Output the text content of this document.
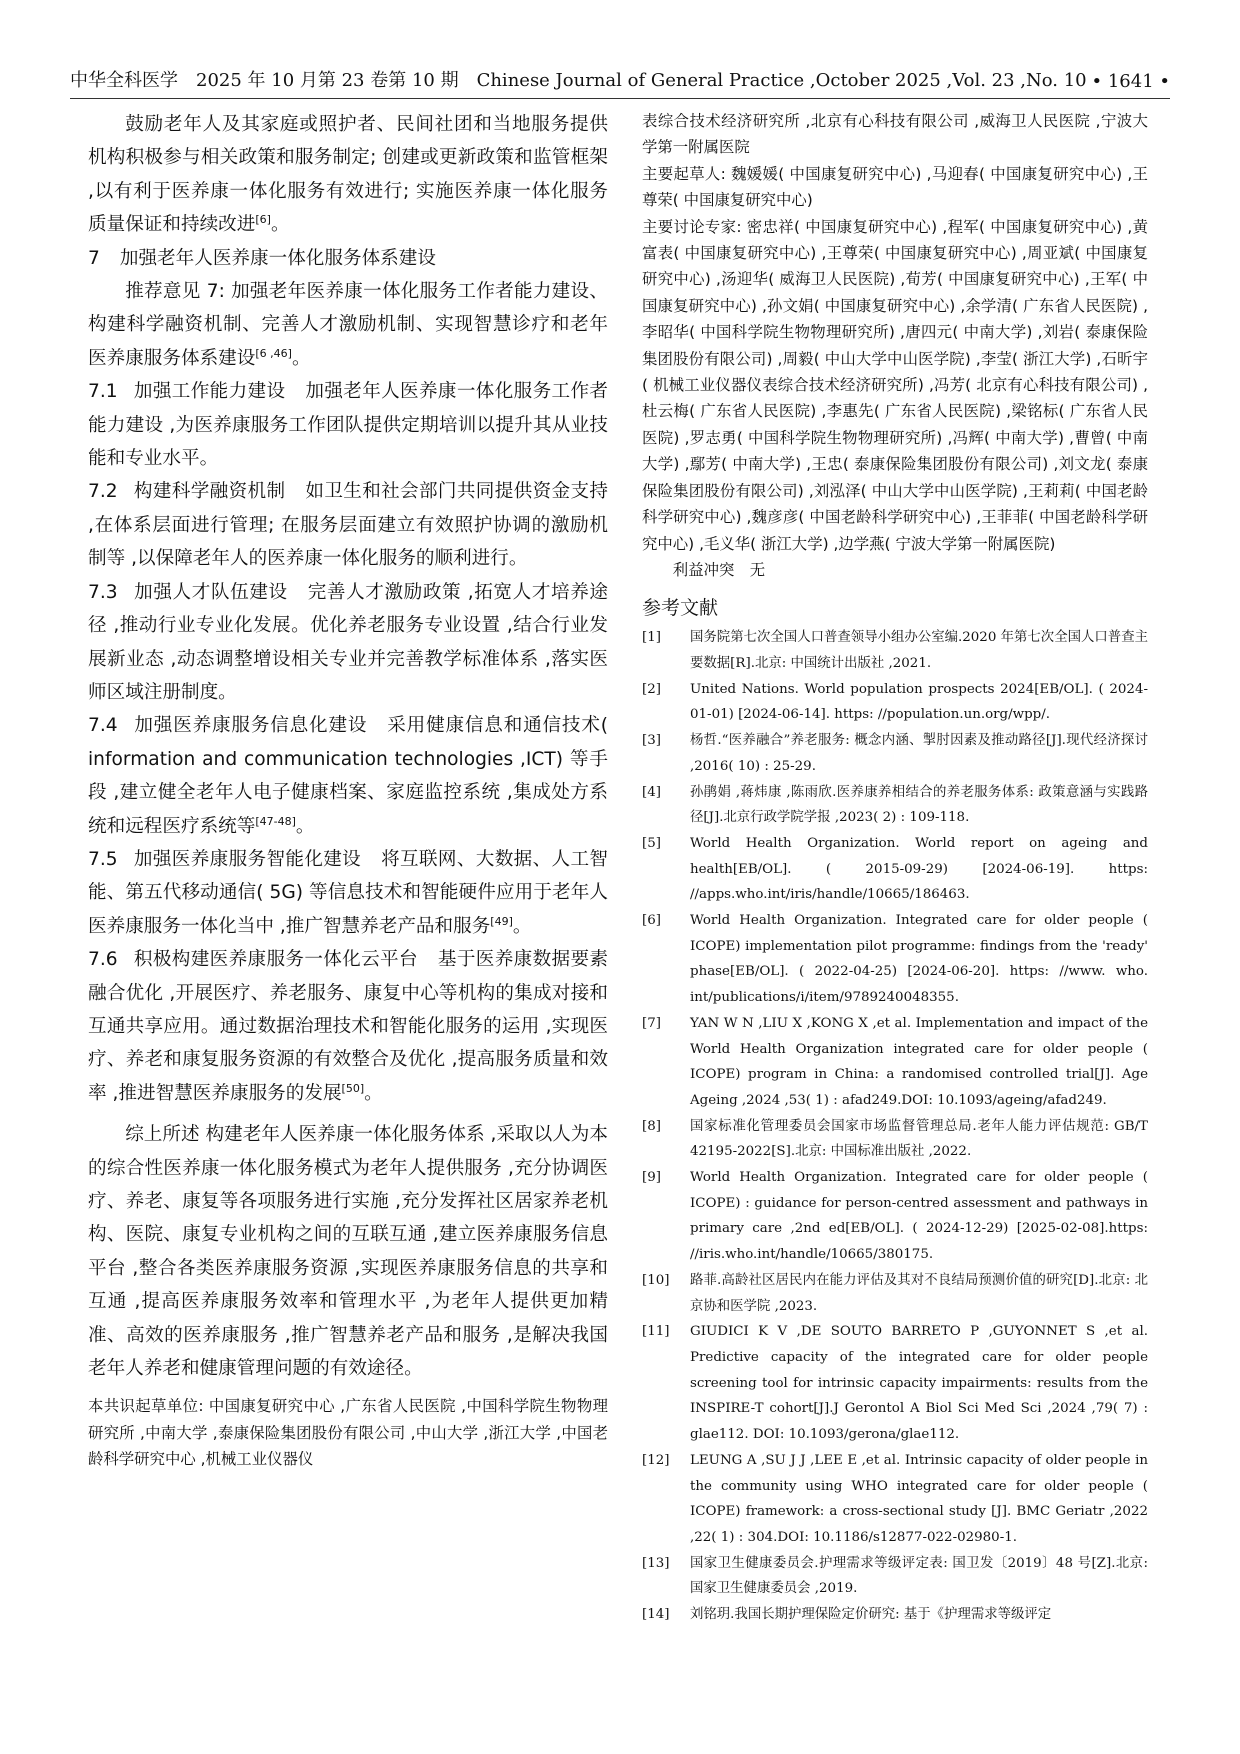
中华全科医学　2025 年 10 月第 23 卷第 10 期　Chinese Journal of General Practice ,October 2025 ,Vol. 23 ,No. 10 • 1641 •

鼓励老年人及其家庭或照护者、民间社团和当地服务提供机构积极参与相关政策和服务制定; 创建或更新政策和监管框架 ,以有利于医养康一体化服务有效进行; 实施医养康一体化服务质量保证和持续改进[6]。

7 加强老年人医养康一体化服务体系建设

推荐意见 7: 加强老年医养康一体化服务工作者能力建设、构建科学融资机制、完善人才激励机制、实现智慧诊疗和老年医养康服务体系建设[6 ,46]。

7.1 加强工作能力建设 加强老年人医养康一体化服务工作者能力建设 ,为医养康服务工作团队提供定期培训以提升其从业技能和专业水平。

7.2 构建科学融资机制 如卫生和社会部门共同提供资金支持 ,在体系层面进行管理; 在服务层面建立有效照护协调的激励机制等 ,以保障老年人的医养康一体化服务的顺利进行。

7.3 加强人才队伍建设 完善人才激励政策 ,拓宽人才培养途径 ,推动行业专业化发展。优化养老服务专业设置 ,结合行业发展新业态 ,动态调整增设相关专业并完善教学标准体系 ,落实医师区域注册制度。

7.4 加强医养康服务信息化建设 采用健康信息和通信技术( information and communication technologies ,ICT) 等手段 ,建立健全老年人电子健康档案、家庭监控系统 ,集成处方系统和远程医疗系统等[47-48]。

7.5 加强医养康服务智能化建设 将互联网、大数据、人工智能、第五代移动通信( 5G) 等信息技术和智能硬件应用于老年人医养康服务一体化当中 ,推广智慧养老产品和服务[49]。

7.6 积极构建医养康服务一体化云平台 基于医养康数据要素融合优化 ,开展医疗、养老服务、康复中心等机构的集成对接和互通共享应用。通过数据治理技术和智能化服务的运用 ,实现医疗、养老和康复服务资源的有效整合及优化 ,提高服务质量和效率 ,推进智慧医养康服务的发展[50]。

综上所述 构建老年人医养康一体化服务体系 ,采取以人为本的综合性医养康一体化服务模式为老年人提供服务 ,充分协调医疗、养老、康复等各项服务进行实施 ,充分发挥社区居家养老机构、医院、康复专业机构之间的互联互通 ,建立医养康服务信息平台 ,整合各类医养康服务资源 ,实现医养康服务信息的共享和互通 ,提高医养康服务效率和管理水平 ,为老年人提供更加精准、高效的医养康服务 ,推广智慧养老产品和服务 ,是解决我国老年人养老和健康管理问题的有效途径。

本共识起草单位: 中国康复研究中心 ,广东省人民医院 ,中国科学院生物物理研究所 ,中南大学 ,泰康保险集团股份有限公司 ,中山大学 ,浙江大学 ,中国老龄科学研究中心 ,机械工业仪器仪

表综合技术经济研究所 ,北京有心科技有限公司 ,威海卫人民医院 ,宁波大学第一附属医院

主要起草人: 魏媛媛( 中国康复研究中心) ,马迎春( 中国康复研究中心) ,王尊荣( 中国康复研究中心)

主要讨论专家: 密忠祥( 中国康复研究中心) ,程军( 中国康复研究中心) ,黄富表( 中国康复研究中心) ,王尊荣( 中国康复研究中心) ,周亚斌( 中国康复研究中心) ,汤迎华( 威海卫人民医院) ,荀芳( 中国康复研究中心) ,王军( 中国康复研究中心) ,孙文娟( 中国康复研究中心) ,余学清( 广东省人民医院) ,李昭华( 中国科学院生物物理研究所) ,唐四元( 中南大学) ,刘岩( 泰康保险集团股份有限公司) ,周毅( 中山大学中山医学院) ,李莹( 浙江大学) ,石昕宇( 机械工业仪器仪表综合技术经济研究所) ,冯芳( 北京有心科技有限公司) ,杜云梅( 广东省人民医院) ,李惠先( 广东省人民医院) ,梁铭标( 广东省人民医院) ,罗志勇( 中国科学院生物物理研究所) ,冯辉( 中南大学) ,曹曾( 中南大学) ,鄢芳( 中南大学) ,王忠( 泰康保险集团股份有限公司) ,刘文龙( 泰康保险集团股份有限公司) ,刘泓泽( 中山大学中山医学院) ,王莉莉( 中国老龄科学研究中心) ,魏彦彦( 中国老龄科学研究中心) ,王菲菲( 中国老龄科学研究中心) ,毛义华( 浙江大学) ,边学燕( 宁波大学第一附属医院)

利益冲突　无

参考文献
[1]	国务院第七次全国人口普查领导小组办公室编.2020 年第七次全国人口普查主要数据[R].北京: 中国统计出版社 ,2021.
[2]	United Nations. World population prospects 2024[EB/OL]. ( 2024-01-01) [2024-06-14]. https: //population.un.org/wpp/.
[3]	杨哲.“医养融合”养老服务: 概念内涵、掣肘因素及推动路径[J].现代经济探讨 ,2016( 10) : 25-29.
[4]	孙鹃娟 ,蒋炜康 ,陈雨欣.医养康养相结合的养老服务体系: 政策意涵与实践路径[J].北京行政学院学报 ,2023( 2) : 109-118.
[5]	World Health Organization. World report on ageing and health[EB/OL]. ( 2015-09-29) [2024-06-19]. https: //apps.who.int/iris/handle/10665/186463.
[6]	World Health Organization. Integrated care for older people ( ICOPE) implementation pilot programme: findings from the 'ready' phase[EB/OL]. ( 2022-04-25) [2024-06-20]. https: //www. who. int/publications/i/item/9789240048355.
[7]	YAN W N ,LIU X ,KONG X ,et al. Implementation and impact of the World Health Organization integrated care for older people ( ICOPE) program in China: a randomised controlled trial[J]. Age Ageing ,2024 ,53( 1) : afad249.DOI: 10.1093/ageing/afad249.
[8]	国家标准化管理委员会国家市场监督管理总局.老年人能力评估规范: GB/T 42195-2022[S].北京: 中国标准出版社 ,2022.
[9]	World Health Organization. Integrated care for older people ( ICOPE) : guidance for person-centred assessment and pathways in primary care ,2nd ed[EB/OL]. ( 2024-12-29) [2025-02-08].https: //iris.who.int/handle/10665/380175.
[10]	路菲.高龄社区居民内在能力评估及其对不良结局预测价值的研究[D].北京: 北京协和医学院 ,2023.
[11]	GIUDICI K V ,DE SOUTO BARRETO P ,GUYONNET S ,et al. Predictive capacity of the integrated care for older people screening tool for intrinsic capacity impairments: results from the INSPIRE-T cohort[J].J Gerontol A Biol Sci Med Sci ,2024 ,79( 7) : glae112. DOI: 10.1093/gerona/glae112.
[12]	LEUNG A ,SU J J ,LEE E ,et al. Intrinsic capacity of older people in the community using WHO integrated care for older people ( ICOPE) framework: a cross-sectional study [J]. BMC Geriatr ,2022 ,22( 1) : 304.DOI: 10.1186/s12877-022-02980-1.
[13]	国家卫生健康委员会.护理需求等级评定表: 国卫发〔2019〕48 号[Z].北京: 国家卫生健康委员会 ,2019.
[14]	刘铭玥.我国长期护理保险定价研究: 基于《护理需求等级评定
